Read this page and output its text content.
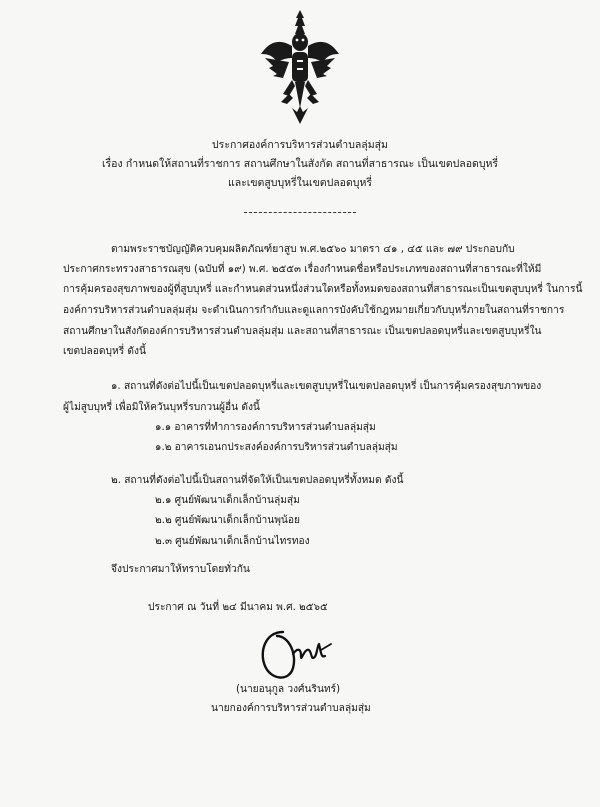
ประกาศองค์การบริหารส่วนตำบลลุ่มสุ่ม
เรื่อง กำหนดให้สถานที่ราชการ สถานศึกษาในสังกัด สถานที่สาธารณะ เป็นเขตปลอดบุหรี่
และเขตสูบบุหรี่ในเขตปลอดบุหรี่
ตามพระราชบัญญัติควบคุมผลิตภัณฑ์ยาสูบ พ.ศ.๒๕๖๐ มาตรา ๔๑ , ๔๕ และ ๗๙ ประกอบกับ
ประกาศกระทรวงสาธารณสุข (ฉบับที่ ๑๙) พ.ศ. ๒๕๕๓ เรื่องกำหนดชื่อหรือประเภทของสถานที่สาธารณะที่ให้มี
การคุ้มครองสุขภาพของผู้ที่สูบบุหรี่ และกำหนดส่วนหนึ่งส่วนใดหรือทั้งหมดของสถานที่สาธารณะเป็นเขตสูบบุหรี่ ในการนี้
องค์การบริหารส่วนตำบลลุ่มสุ่ม จะดำเนินการกำกับและดูแลการบังคับใช้กฎหมายเกี่ยวกับบุหรี่ภายในสถานที่ราชการ
สถานศึกษาในสังกัดองค์การบริหารส่วนตำบลลุ่มสุ่ม และสถานที่สาธารณะ เป็นเขตปลอดบุหรี่และเขตสูบบุหรี่ใน
เขตปลอดบุหรี่ ดังนี้
๑. สถานที่ดังต่อไปนี้เป็นเขตปลอดบุหรี่และเขตสูบบุหรี่ในเขตปลอดบุหรี่ เป็นการคุ้มครองสุขภาพของ
ผู้ไม่สูบบุหรี่ เพื่อมิให้ควันบุหรี่รบกวนผู้อื่น ดังนี้
๑.๑ อาคารที่ทำการองค์การบริหารส่วนตำบลลุ่มสุ่ม
๑.๒ อาคารเอนกประสงค์องค์การบริหารส่วนตำบลลุ่มสุ่ม
๒. สถานที่ดังต่อไปนี้เป็นสถานที่จัดให้เป็นเขตปลอดบุหรี่ทั้งหมด ดังนี้
๒.๑ ศูนย์พัฒนาเด็กเล็กบ้านลุ่มสุ่ม
๒.๒ ศูนย์พัฒนาเด็กเล็กบ้านพุน้อย
๒.๓ ศูนย์พัฒนาเด็กเล็กบ้านไทรทอง
จึงประกาศมาให้ทราบโดยทั่วกัน
ประกาศ ณ วันที่ ๒๔ มีนาคม พ.ศ. ๒๕๖๕
(นายอนุกูล วงศ์นรินทร์)
นายกองค์การบริหารส่วนตำบลลุ่มสุ่ม
